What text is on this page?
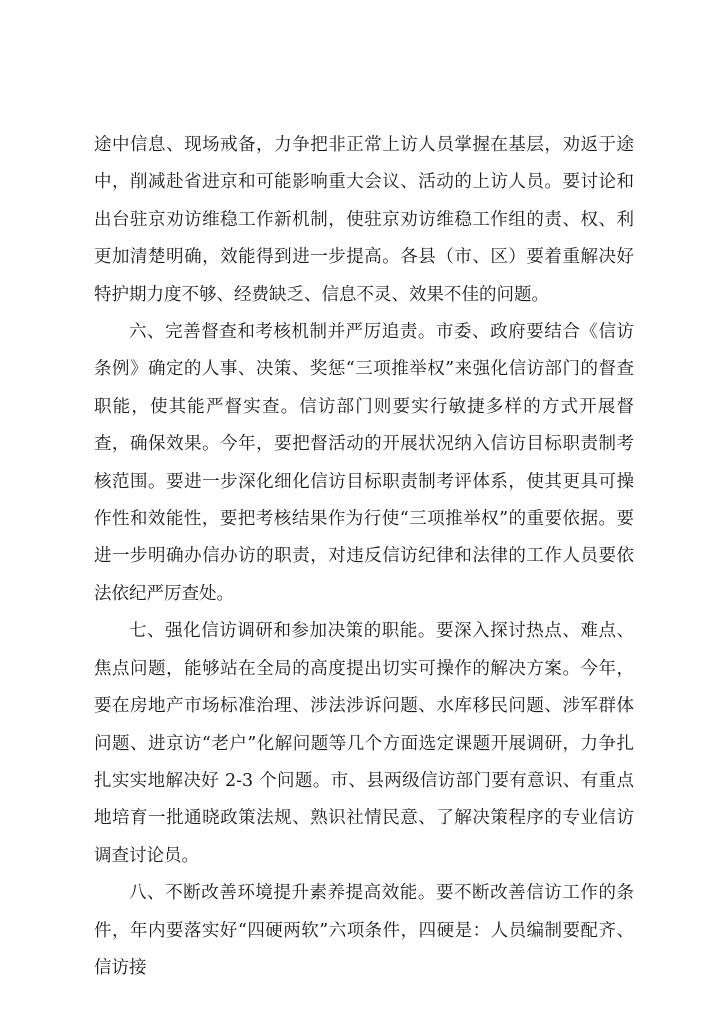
途中信息、现场戒备，力争把非正常上访人员掌握在基层，劝返于途中，削减赴省进京和可能影响重大会议、活动的上访人员。要讨论和出台驻京劝访维稳工作新机制，使驻京劝访维稳工作组的责、权、利更加清楚明确，效能得到进一步提高。各县（市、区）要着重解决好特护期力度不够、经费缺乏、信息不灵、效果不佳的问题。

六、完善督查和考核机制并严厉追责。市委、政府要结合《信访条例》确定的人事、决策、奖惩“三项推举权”来强化信访部门的督查职能，使其能严督实查。信访部门则要实行敏捷多样的方式开展督查，确保效果。今年，要把督活动的开展状况纳入信访目标职责制考核范围。要进一步深化细化信访目标职责制考评体系，使其更具可操作性和效能性，要把考核结果作为行使“三项推举权”的重要依据。要进一步明确办信办访的职责，对违反信访纪律和法律的工作人员要依法依纪严厉查处。

七、强化信访调研和参加决策的职能。要深入探讨热点、难点、焦点问题，能够站在全局的高度提出切实可操作的解决方案。今年，要在房地产市场标准治理、涉法涉诉问题、水库移民问题、涉军群体问题、进京访“老户”化解问题等几个方面选定课题开展调研，力争扎扎实实地解决好 2-3 个问题。市、县两级信访部门要有意识、有重点地培育一批通晓政策法规、熟识社情民意、了解决策程序的专业信访调查讨论员。

八、不断改善环境提升素养提高效能。要不断改善信访工作的条件，年内要落实好“四硬两软”六项条件，四硬是：人员编制要配齐、信访接
